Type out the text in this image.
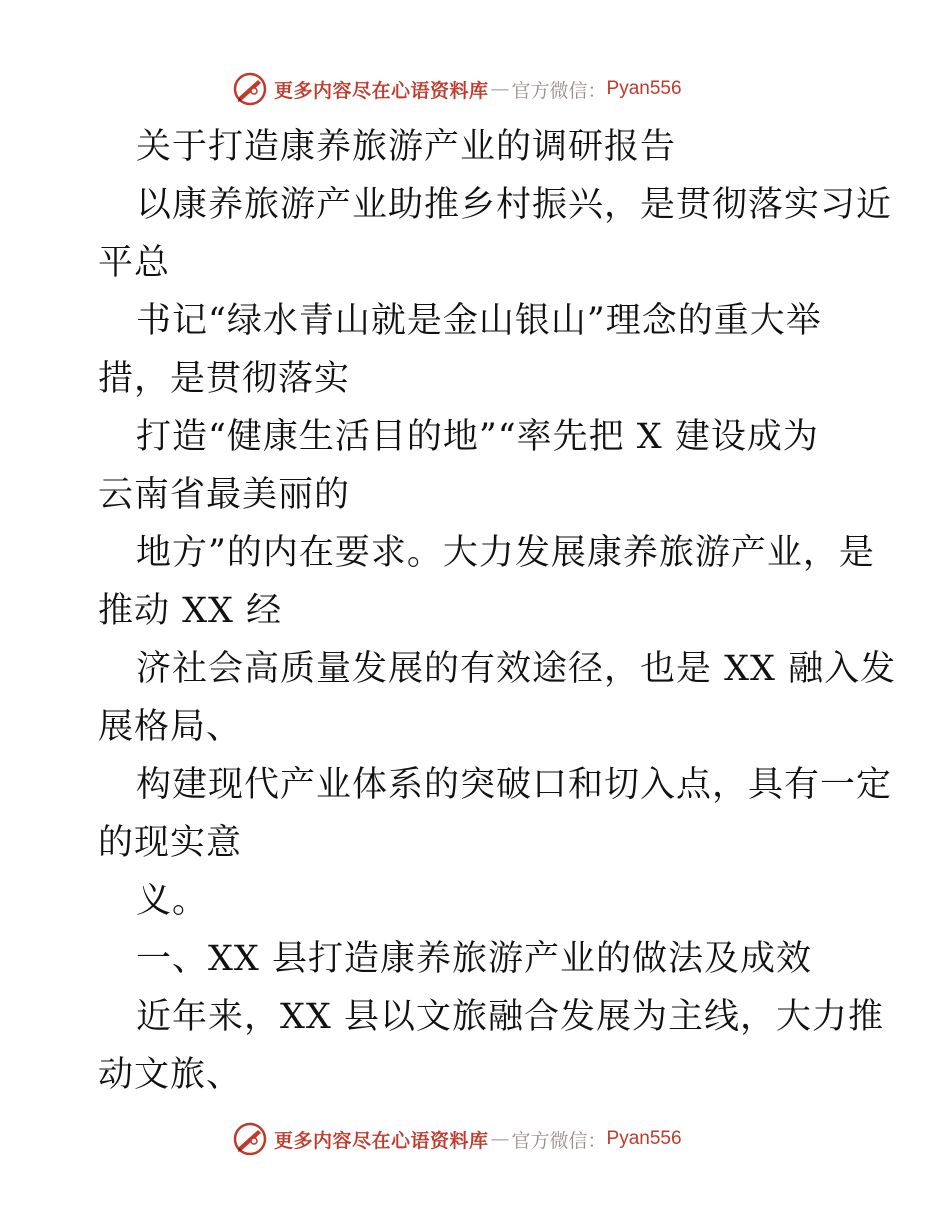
更多内容尽在心语资料库 — 官方微信： Pyan556
关于打造康养旅游产业的调研报告
以康养旅游产业助推乡村振兴，是贯彻落实习近
平总
书记“绿水青山就是金山银山”理念的重大举
措，是贯彻落实
打造“健康生活目的地”“率先把 X 建设成为
云南省最美丽的
地方”的内在要求。大力发展康养旅游产业，是
推动 XX 经
济社会高质量发展的有效途径，也是 XX 融入发
展格局、
构建现代产业体系的突破口和切入点，具有一定
的现实意
义。
一、XX 县打造康养旅游产业的做法及成效
近年来，XX 县以文旅融合发展为主线，大力推
动文旅、
更多内容尽在心语资料库 — 官方微信： Pyan556
